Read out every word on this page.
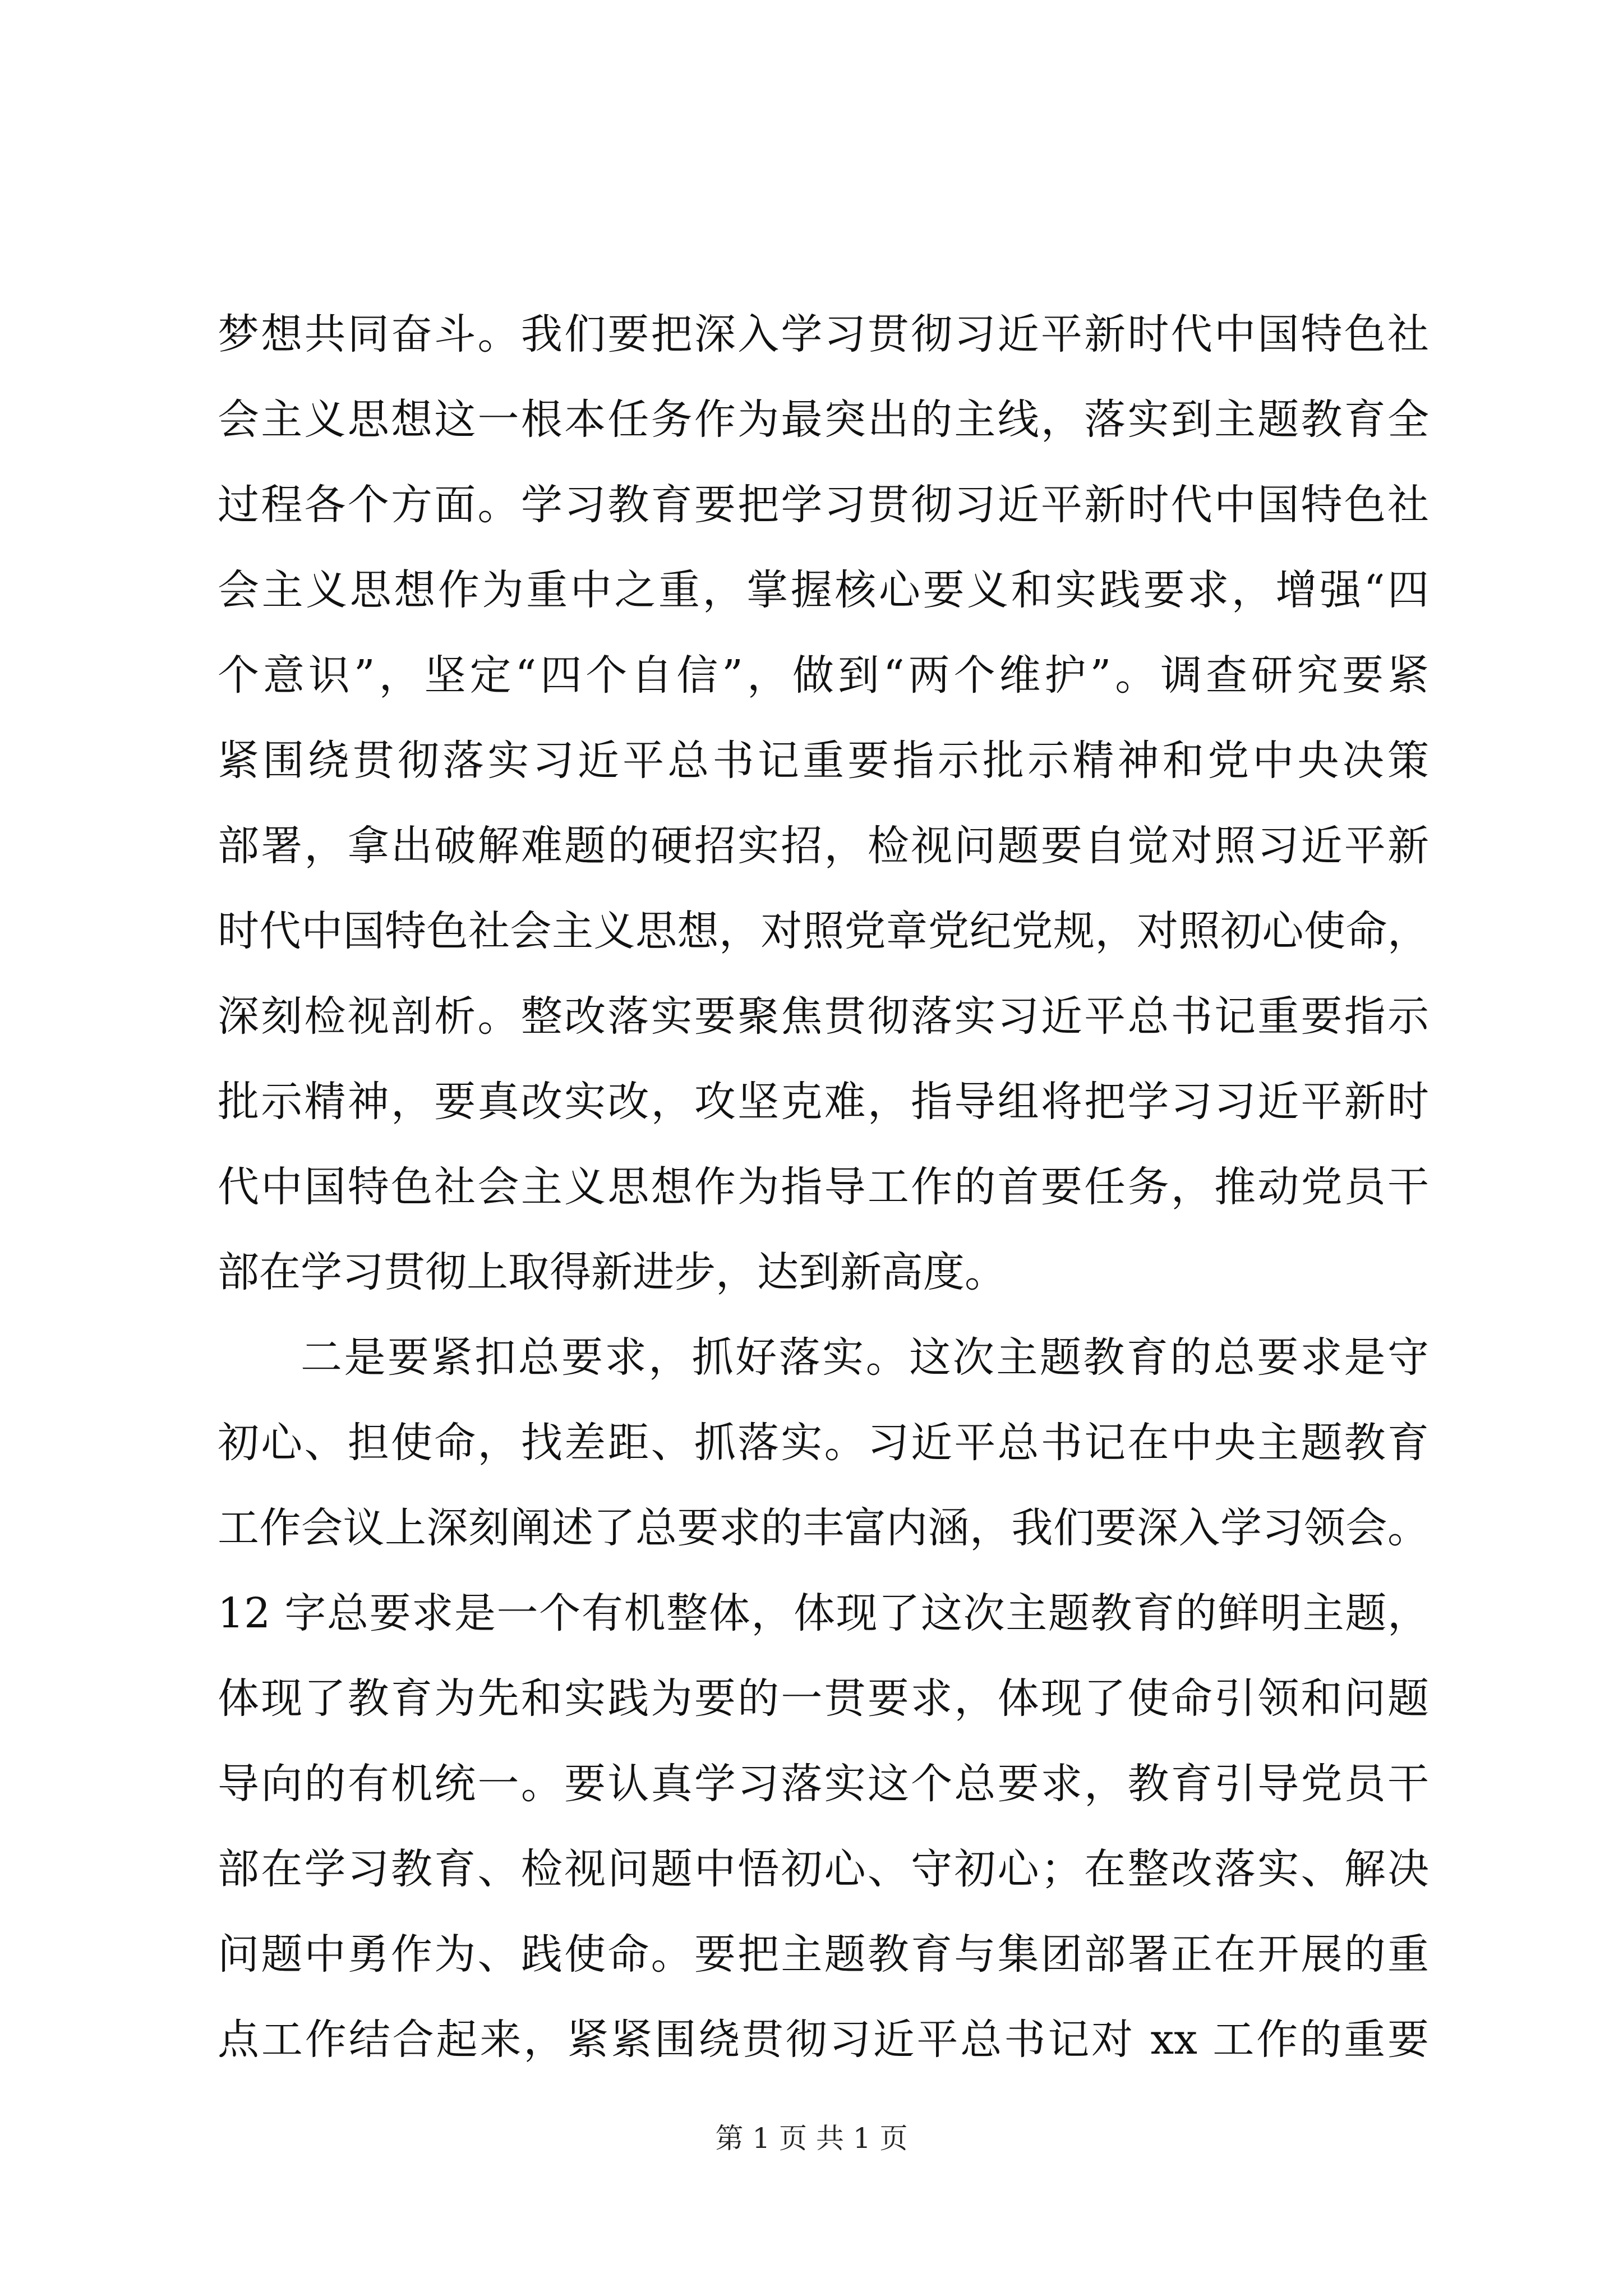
梦想共同奋斗。我们要把深入学习贯彻习近平新时代中国特色社
会主义思想这一根本任务作为最突出的主线，落实到主题教育全
过程各个方面。学习教育要把学习贯彻习近平新时代中国特色社
会主义思想作为重中之重，掌握核心要义和实践要求，增强“四
个意识”，坚定“四个自信”，做到“两个维护”。调查研究要紧
紧围绕贯彻落实习近平总书记重要指示批示精神和党中央决策
部署，拿出破解难题的硬招实招，检视问题要自觉对照习近平新
时代中国特色社会主义思想，对照党章党纪党规，对照初心使命，
深刻检视剖析。整改落实要聚焦贯彻落实习近平总书记重要指示
批示精神，要真改实改，攻坚克难，指导组将把学习习近平新时
代中国特色社会主义思想作为指导工作的首要任务，推动党员干
部在学习贯彻上取得新进步，达到新高度。
二是要紧扣总要求，抓好落实。这次主题教育的总要求是守
初心、担使命，找差距、抓落实。习近平总书记在中央主题教育
工作会议上深刻阐述了总要求的丰富内涵，我们要深入学习领会。
12 字总要求是一个有机整体，体现了这次主题教育的鲜明主题，
体现了教育为先和实践为要的一贯要求，体现了使命引领和问题
导向的有机统一。要认真学习落实这个总要求，教育引导党员干
部在学习教育、检视问题中悟初心、守初心；在整改落实、解决
问题中勇作为、践使命。要把主题教育与集团部署正在开展的重
点工作结合起来，紧紧围绕贯彻习近平总书记对 xx 工作的重要
第 1 页 共 1 页
